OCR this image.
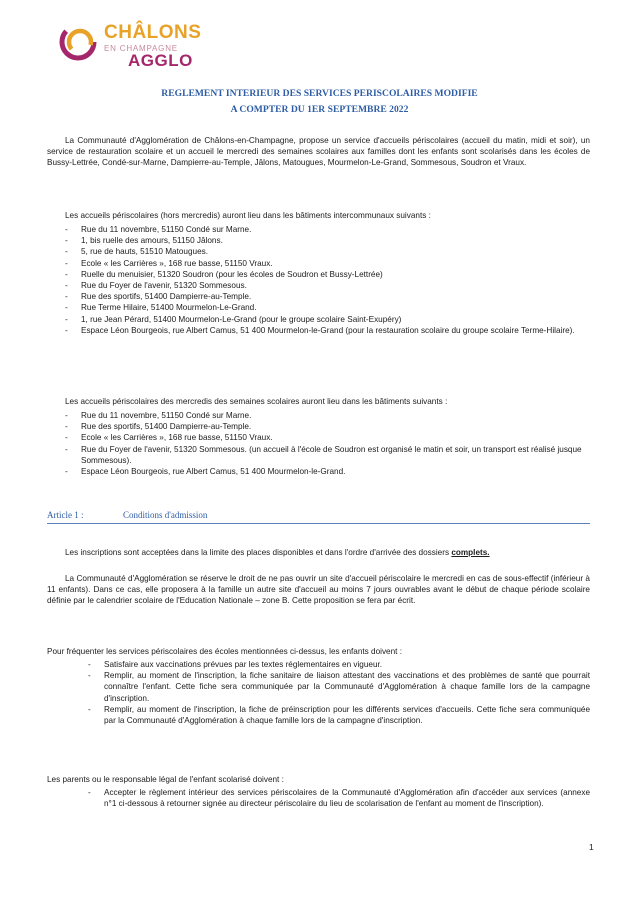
CHÂLONS
EN CHAMPAGNE
AGGLO
REGLEMENT INTERIEUR DES SERVICES PERISCOLAIRES MODIFIE
A COMPTER DU 1ER SEPTEMBRE 2022

La Communauté d'Agglomération de Châlons-en-Champagne, propose un service d'accueils périscolaires (accueil du matin, midi et soir), un service de restauration scolaire et un accueil le mercredi des semaines scolaires aux familles dont les enfants sont scolarisés dans les écoles de Bussy-Lettrée, Condé-sur-Marne, Dampierre-au-Temple, Jâlons, Matougues, Mourmelon-Le-Grand, Sommesous, Soudron et Vraux.

Les accueils périscolaires (hors mercredis) auront lieu dans les bâtiments intercommunaux suivants :

- Rue du 11 novembre, 51150 Condé sur Marne.
- 1, bis ruelle des amours, 51150 Jâlons.
- 5, rue de hauts, 51510 Matougues.
- Ecole « les Carrières », 168 rue basse, 51150 Vraux.
- Ruelle du menuisier, 51320 Soudron (pour les écoles de Soudron et Bussy-Lettrée)
- Rue du Foyer de l'avenir, 51320 Sommesous.
- Rue des sportifs, 51400 Dampierre-au-Temple.
- Rue Terme Hilaire, 51400 Mourmelon-Le-Grand.
- 1, rue Jean Pérard, 51400 Mourmelon-Le-Grand (pour le groupe scolaire Saint-Exupéry)
- Espace Léon Bourgeois, rue Albert Camus, 51 400 Mourmelon-le-Grand (pour la restauration scolaire du groupe scolaire Terme-Hilaire).

Les accueils périscolaires des mercredis des semaines scolaires auront lieu dans les bâtiments suivants :

- Rue du 11 novembre, 51150 Condé sur Marne.
- Rue des sportifs, 51400 Dampierre-au-Temple.
- Ecole « les Carrières », 168 rue basse, 51150 Vraux.
- Rue du Foyer de l'avenir, 51320 Sommesous. (un accueil à l'école de Soudron est organisé le matin et soir, un transport est réalisé jusque Sommesous).
- Espace Léon Bourgeois, rue Albert Camus, 51 400 Mourmelon-le-Grand.
Article 1 :	Conditions d'admission

Les inscriptions sont acceptées dans la limite des places disponibles et dans l'ordre d'arrivée des dossiers complets.

La Communauté d'Agglomération se réserve le droit de ne pas ouvrir un site d'accueil périscolaire le mercredi en cas de sous-effectif (inférieur à 11 enfants). Dans ce cas, elle proposera à la famille un autre site d'accueil au moins 7 jours ouvrables avant le début de chaque période scolaire définie par le calendrier scolaire de l'Education Nationale – zone B. Cette proposition se fera par écrit.

Pour fréquenter les services périscolaires des écoles mentionnées ci-dessus, les enfants doivent :

- Satisfaire aux vaccinations prévues par les textes réglementaires en vigueur.
- Remplir, au moment de l'inscription, la fiche sanitaire de liaison attestant des vaccinations et des problèmes de santé que pourrait connaître l'enfant. Cette fiche sera communiquée par la Communauté d'Agglomération à chaque famille lors de la campagne d'inscription.
- Remplir, au moment de l'inscription, la fiche de préinscription pour les différents services d'accueils. Cette fiche sera communiquée par la Communauté d'Agglomération à chaque famille lors de la campagne d'inscription.

Les parents ou le responsable légal de l'enfant scolarisé doivent :

- Accepter le règlement intérieur des services périscolaires de la Communauté d'Agglomération afin d'accéder aux services (annexe n°1 ci-dessous à retourner signée au directeur périscolaire du lieu de scolarisation de l'enfant au moment de l'inscription).
1
